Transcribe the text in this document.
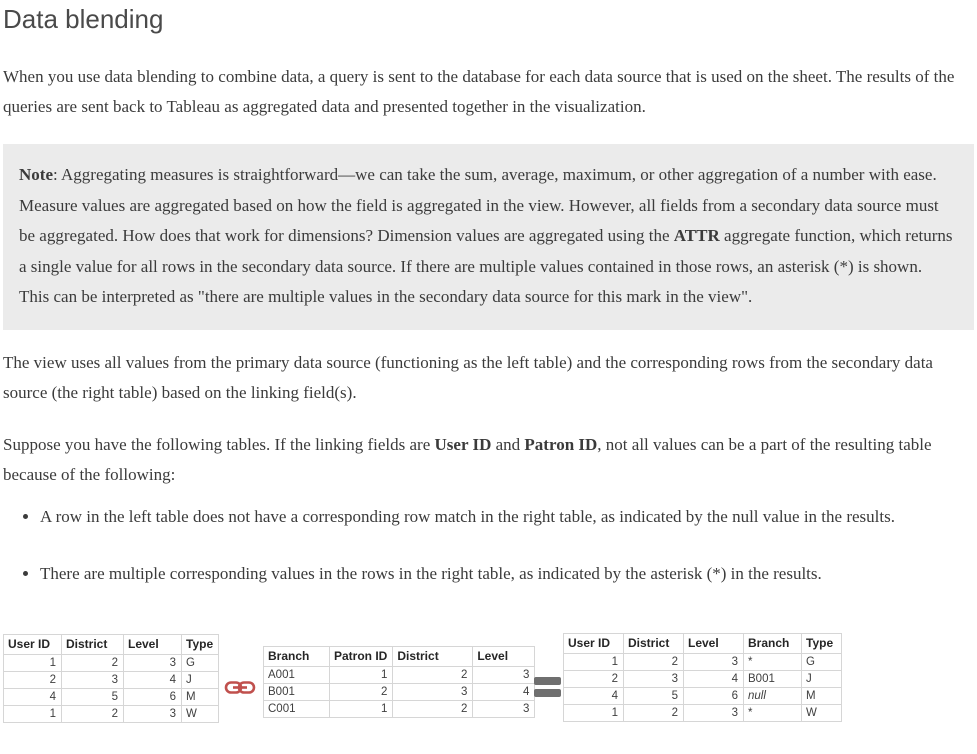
Data blending

When you use data blending to combine data, a query is sent to the database for each data source that is used on the sheet. The results of the queries are sent back to Tableau as aggregated data and presented together in the visualization.

Note: Aggregating measures is straightforward—we can take the sum, average, maximum, or other aggregation of a number with ease. Measure values are aggregated based on how the field is aggregated in the view. However, all fields from a secondary data source must be aggregated. How does that work for dimensions? Dimension values are aggregated using the ATTR aggregate function, which returns a single value for all rows in the secondary data source. If there are multiple values contained in those rows, an asterisk (*) is shown. This can be interpreted as "there are multiple values in the secondary data source for this mark in the view".

The view uses all values from the primary data source (functioning as the left table) and the corresponding rows from the secondary data source (the right table) based on the linking field(s).

Suppose you have the following tables. If the linking fields are User ID and Patron ID, not all values can be a part of the resulting table because of the following:

• A row in the left table does not have a corresponding row match in the right table, as indicated by the null value in the results.
• There are multiple corresponding values in the rows in the right table, as indicated by the asterisk (*) in the results.
User ID	District	Level	Type
1	2	3	G
2	3	4	J
4	5	6	M
1	2	3	W
Branch	Patron ID	District	Level
A001	1	2	3
B001	2	3	4
C001	1	2	3
User ID	District	Level	Branch	Type
1	2	3	*	G
2	3	4	B001	J
4	5	6	null	M
1	2	3	*	W
